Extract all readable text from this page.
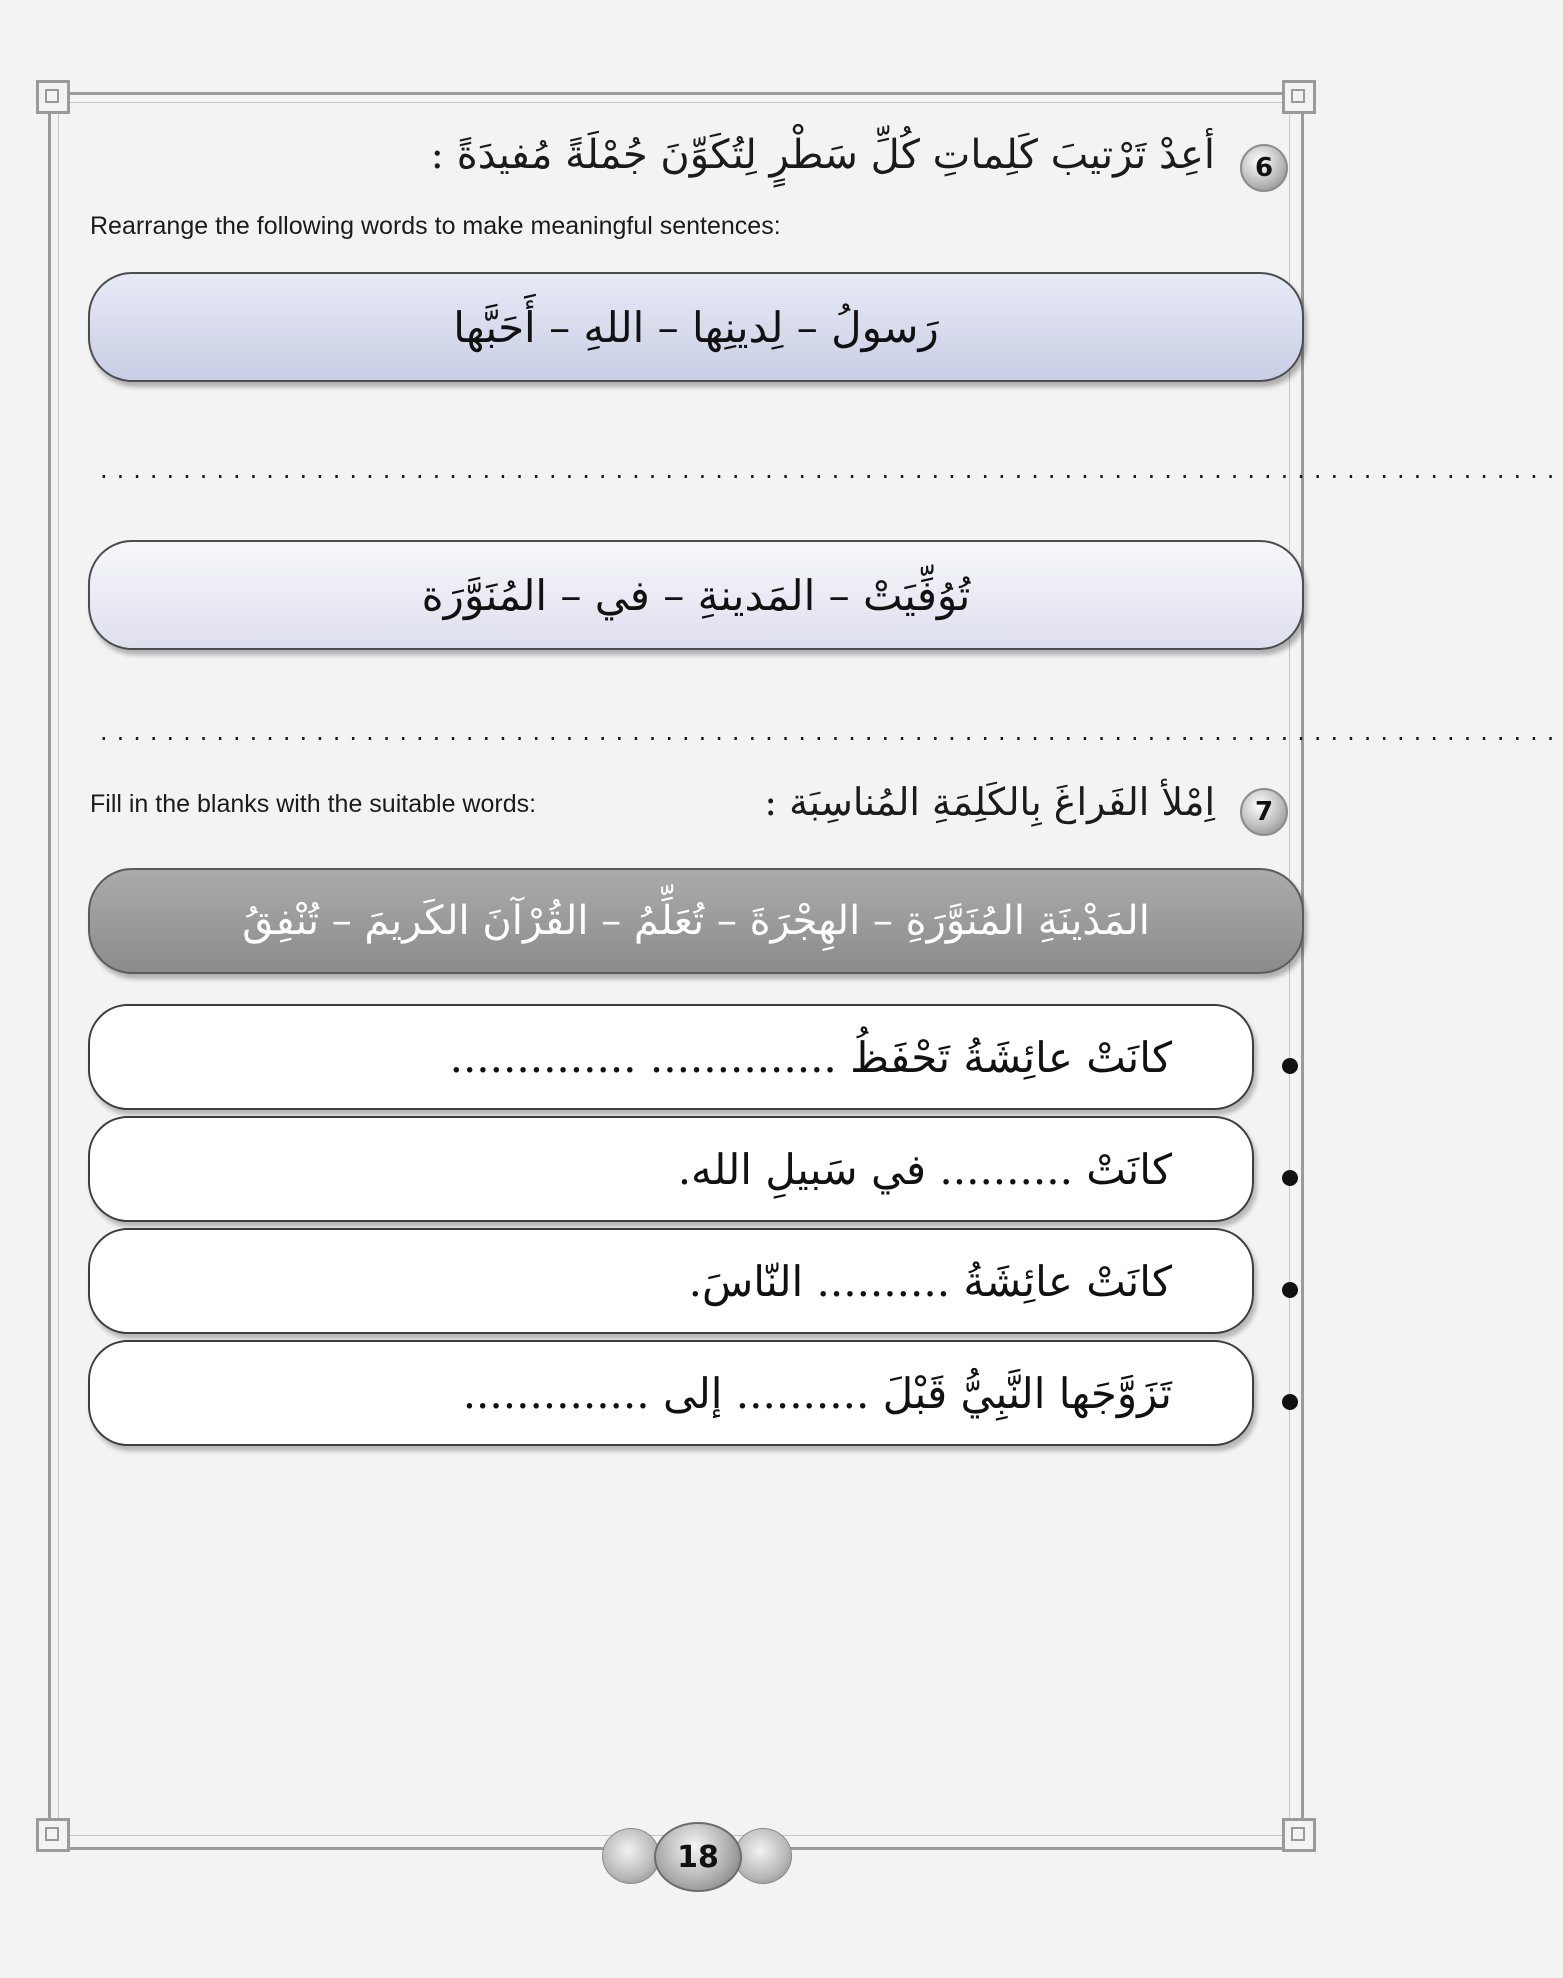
6
أعِدْ تَرْتيبَ كَلِماتِ كُلِّ سَطْرٍ لِتُكَوِّنَ جُمْلَةً مُفيدَةً :
Rearrange the following words to make meaningful sentences:
رَسولُ – لِدينِها – اللهِ – أَحَبَّها
........................................................................................
تُوُفِّيَتْ – المَدينةِ – في – المُنَوَّرَة
........................................................................................
7
Fill in the blanks with the suitable words:	اِمْلأ الفَراغَ بِالكَلِمَةِ المُناسِبَة :
المَدْينَةِ المُنَوَّرَةِ – الهِجْرَةَ – تُعَلِّمُ – القُرْآنَ الكَريمَ – تُنْفِقُ
كانَتْ عائِشَةُ تَحْفَظُ .............. ..............
كانَتْ .......... في سَبيلِ الله.
كانَتْ عائِشَةُ .......... النّاسَ.
تَزَوَّجَها النَّبِيُّ قَبْلَ .......... إلى ..............
18
